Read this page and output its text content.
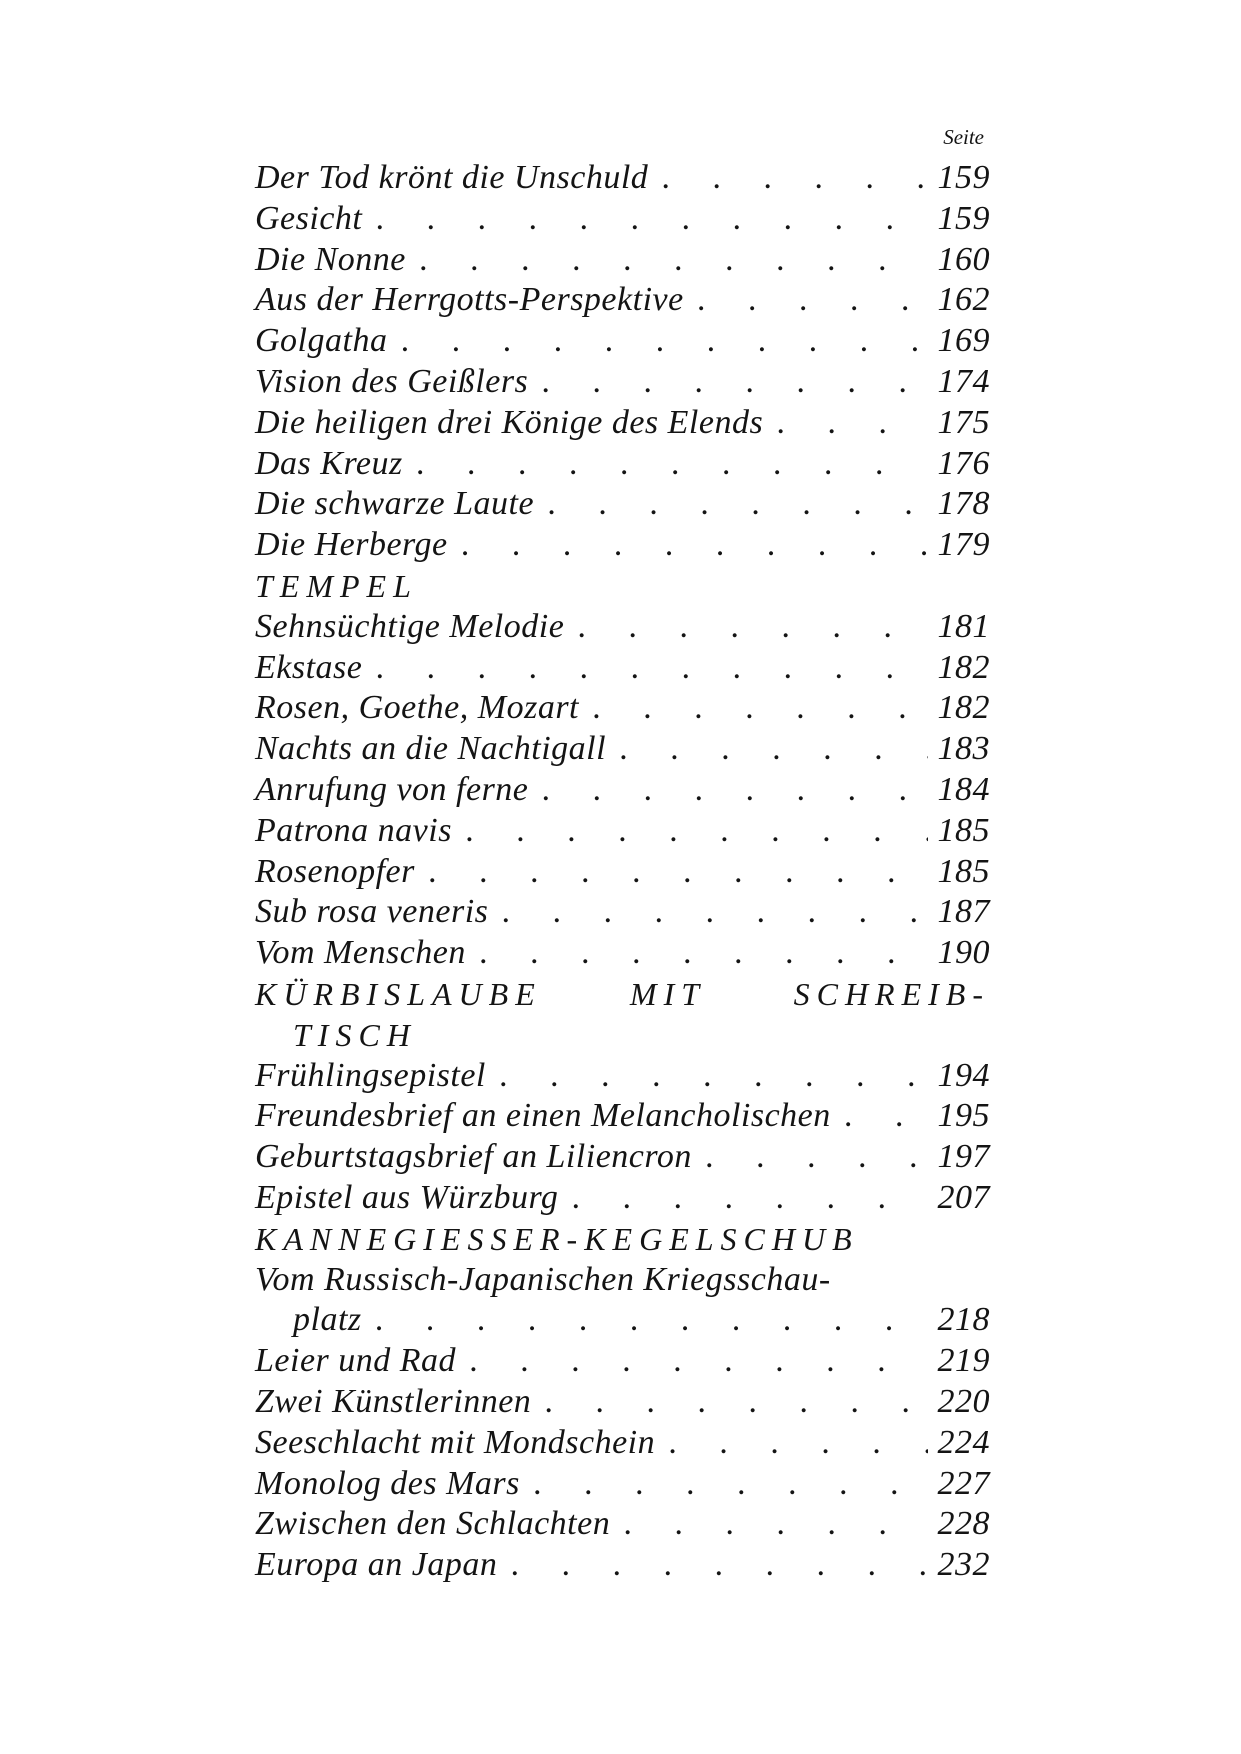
Seite
Der Tod krönt die Unschuld . . .	159
Gesicht . . .	159
Die Nonne . . .	160
Aus der Herrgotts-Perspektive . . .	162
Golgatha . . .	169
Vision des Geißlers . . .	174
Die heiligen drei Könige des Elends . . .	175
Das Kreuz . . .	176
Die schwarze Laute . . .	178
Die Herberge . . .	179
TEMPEL
Sehnsüchtige Melodie . . .	181
Ekstase . . .	182
Rosen, Goethe, Mozart . . .	182
Nachts an die Nachtigall . . .	183
Anrufung von ferne . . .	184
Patrona navis . . .	185
Rosenopfer . . .	185
Sub rosa veneris . . .	187
Vom Menschen . . .	190
KÜRBISLAUBE MIT SCHREIB-
TISCH
Frühlingsepistel . . .	194
Freundesbrief an einen Melancholischen . . .	195
Geburtstagsbrief an Liliencron . . .	197
Epistel aus Würzburg . . .	207
KANNEGIESSER-KEGELSCHUB
Vom Russisch-Japanischen Kriegsschau-
platz . . .	218
Leier und Rad . . .	219
Zwei Künstlerinnen . . .	220
Seeschlacht mit Mondschein . . .	224
Monolog des Mars . . .	227
Zwischen den Schlachten . . .	228
Europa an Japan . . .	232
